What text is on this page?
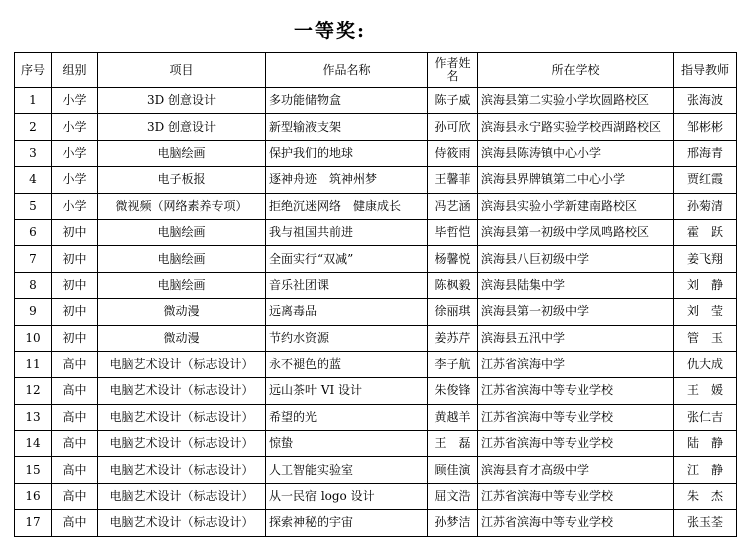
一等奖:
序号	组别	项目	作品名称	作者姓名	所在学校	指导教师
1	小学	3D 创意设计	多功能储物盒	陈子威	滨海县第二实验小学坎圆路校区	张海波
2	小学	3D 创意设计	新型输液支架	孙可欣	滨海县永宁路实验学校西湖路校区	邹彬彬
3	小学	电脑绘画	保护我们的地球	侍筱雨	滨海县陈涛镇中心小学	邢海青
4	小学	电子板报	逐神舟迹　筑神州梦	王馨菲	滨海县界牌镇第二中心小学	贾红霞
5	小学	微视频（网络素养专项）	拒绝沉迷网络　健康成长	冯艺涵	滨海县实验小学新建南路校区	孙菊清
6	初中	电脑绘画	我与祖国共前进	毕哲恺	滨海县第一初级中学凤鸣路校区	霍　跃
7	初中	电脑绘画	全面实行“双减”	杨馨悦	滨海县八巨初级中学	姜飞翔
8	初中	电脑绘画	音乐社团课	陈枫毅	滨海县陆集中学	刘　静
9	初中	微动漫	远离毒品	徐丽琪	滨海县第一初级中学	刘　莹
10	初中	微动漫	节约水资源	姜苏芹	滨海县五汛中学	管　玉
11	高中	电脑艺术设计（标志设计）	永不褪色的蓝	李子航	江苏省滨海中学	仇大成
12	高中	电脑艺术设计（标志设计）	远山茶叶 VI 设计	朱俊锋	江苏省滨海中等专业学校	王　媛
13	高中	电脑艺术设计（标志设计）	希望的光	黄越羊	江苏省滨海中等专业学校	张仁吉
14	高中	电脑艺术设计（标志设计）	惊蛰	王　磊	江苏省滨海中等专业学校	陆　静
15	高中	电脑艺术设计（标志设计）	人工智能实验室	顾佳演	滨海县育才高级中学	江　静
16	高中	电脑艺术设计（标志设计）	从一民宿 logo 设计	屈文浩	江苏省滨海中等专业学校	朱　杰
17	高中	电脑艺术设计（标志设计）	探索神秘的宇宙	孙梦洁	江苏省滨海中等专业学校	张玉荃
